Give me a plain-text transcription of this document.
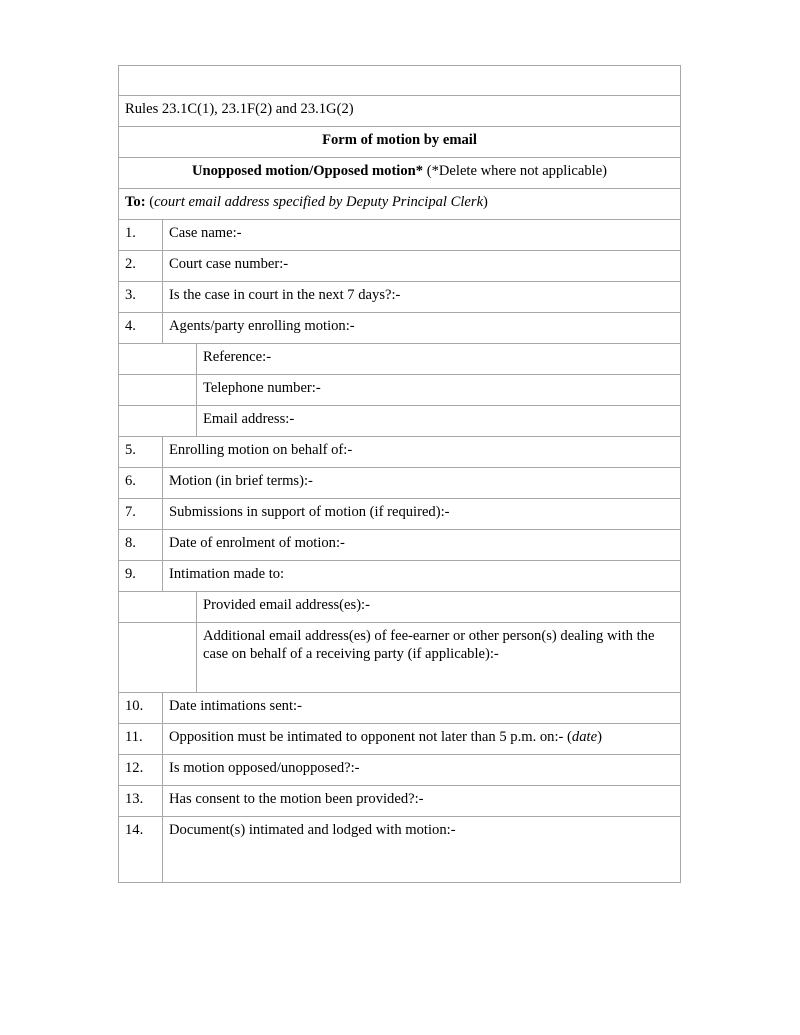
Rules 23.1C(1), 23.1F(2) and 23.1G(2)		
Form of motion by email		
Unopposed motion/Opposed motion* (*Delete where not applicable)		
To: (court email address specified by Deputy Principal Clerk)		
1.	Case name:-	
2.	Court case number:-	
3.	Is the case in court in the next 7 days?:-	
4.	Agents/party enrolling motion:-	
		Reference:-
		Telephone number:-
		Email address:-
5.	Enrolling motion on behalf of:-	
6.	Motion (in brief terms):-	
7.	Submissions in support of motion (if required):-	
8.	Date of enrolment of motion:-	
9.	Intimation made to:	
		Provided email address(es):-
		Additional email address(es) of fee-earner or other person(s) dealing with the case on behalf of a receiving party (if applicable):-
10.	Date intimations sent:-	
11.	Opposition must be intimated to opponent not later than 5 p.m. on:- (date)	
12.	Is motion opposed/unopposed?:-	
13.	Has consent to the motion been provided?:-	
14.	Document(s) intimated and lodged with motion:-	
